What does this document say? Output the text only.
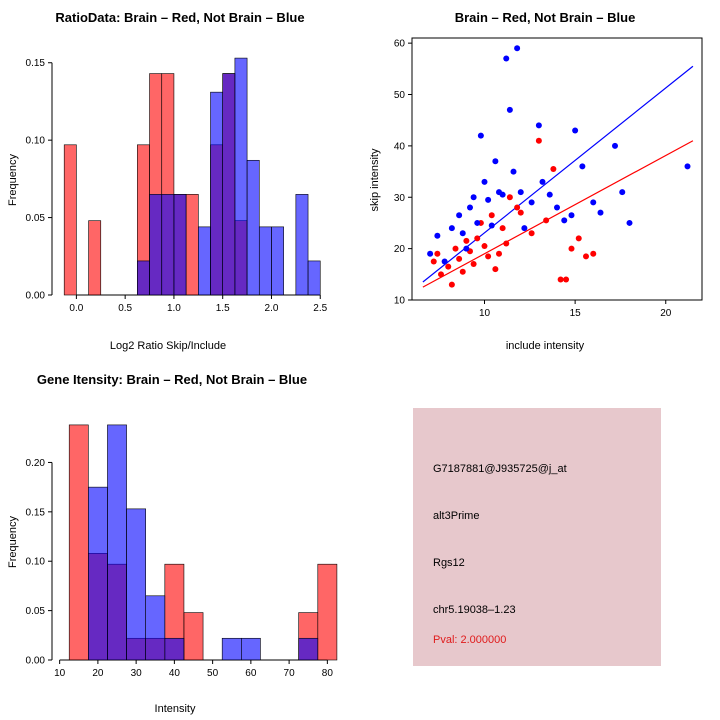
RatioData: Brain – Red, Not Brain – Blue
Log2 Ratio Skip/Include
Frequency
0.0	0.5	1.0	1.5	2.0	2.5
0.00
0.05
0.10
0.15
Brain – Red, Not Brain – Blue
include intensity
skip intensity
10	15	20
10
20
30
40
50
60
Gene Itensity: Brain – Red, Not Brain – Blue
Intensity
Frequency
10	20	30	40	50	60	70	80
0.00
0.05
0.10
0.15
0.20	G7187881@J935725@j_at
alt3Prime
Rgs12
chr5.19038–1.23
Pval: 2.000000
